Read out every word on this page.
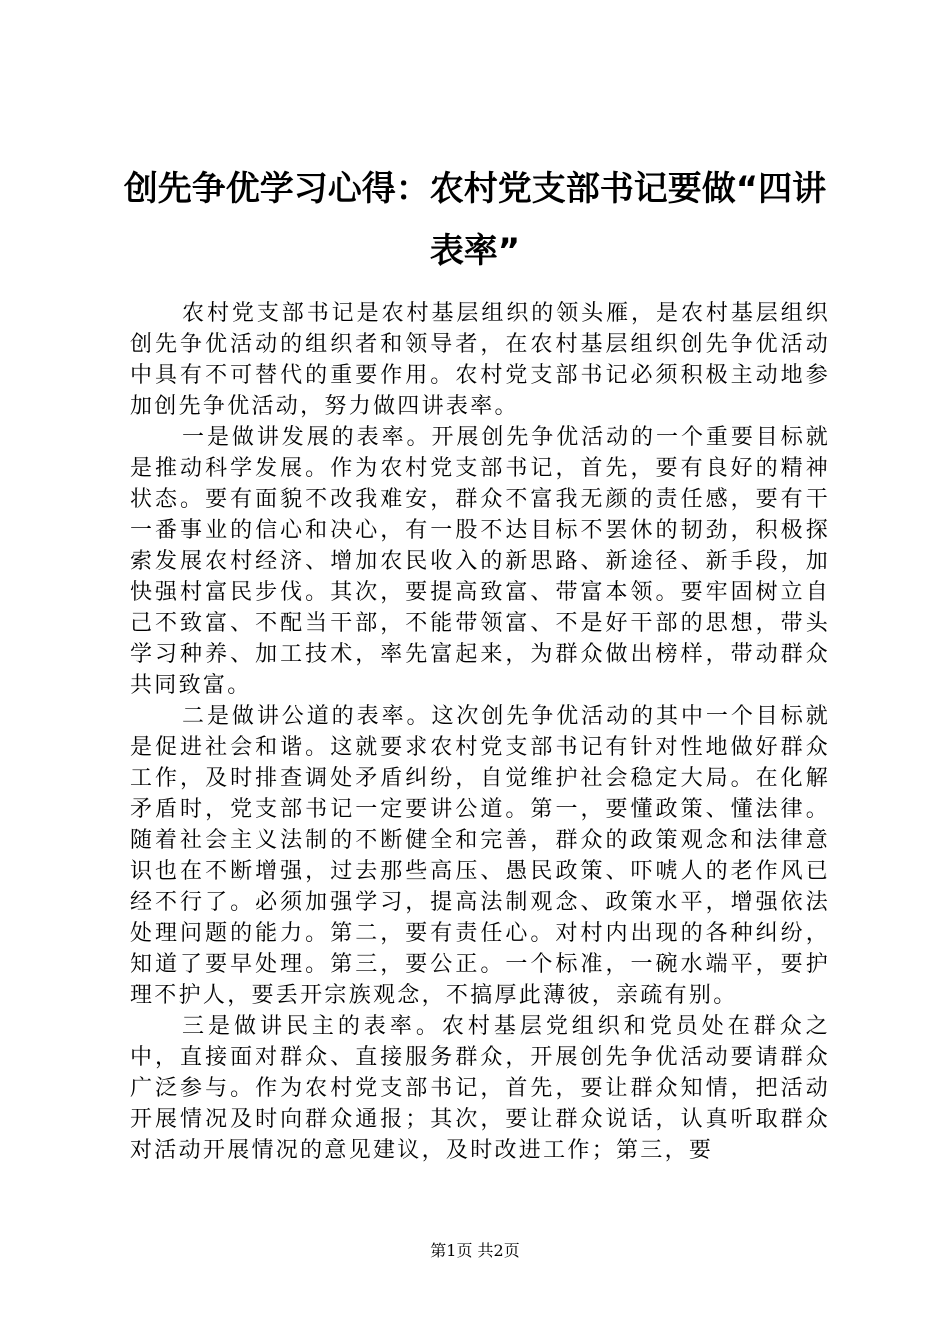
创先争优学习心得：农村党支部书记要做“四讲表率”

农村党支部书记是农村基层组织的领头雁，是农村基层组织创先争优活动的组织者和领导者，在农村基层组织创先争优活动中具有不可替代的重要作用。农村党支部书记必须积极主动地参加创先争优活动，努力做四讲表率。

一是做讲发展的表率。开展创先争优活动的一个重要目标就是推动科学发展。作为农村党支部书记，首先，要有良好的精神状态。要有面貌不改我难安，群众不富我无颜的责任感，要有干一番事业的信心和决心，有一股不达目标不罢休的韧劲，积极探索发展农村经济、增加农民收入的新思路、新途径、新手段，加快强村富民步伐。其次，要提高致富、带富本领。要牢固树立自己不致富、不配当干部，不能带领富、不是好干部的思想，带头学习种养、加工技术，率先富起来，为群众做出榜样，带动群众共同致富。

二是做讲公道的表率。这次创先争优活动的其中一个目标就是促进社会和谐。这就要求农村党支部书记有针对性地做好群众工作，及时排查调处矛盾纠纷，自觉维护社会稳定大局。在化解矛盾时，党支部书记一定要讲公道。第一，要懂政策、懂法律。随着社会主义法制的不断健全和完善，群众的政策观念和法律意识也在不断增强，过去那些高压、愚民政策、吓唬人的老作风已经不行了。必须加强学习，提高法制观念、政策水平，增强依法处理问题的能力。第二，要有责任心。对村内出现的各种纠纷，知道了要早处理。第三，要公正。一个标准，一碗水端平，要护理不护人，要丢开宗族观念，不搞厚此薄彼，亲疏有别。

三是做讲民主的表率。农村基层党组织和党员处在群众之中，直接面对群众、直接服务群众，开展创先争优活动要请群众广泛参与。作为农村党支部书记，首先，要让群众知情，把活动开展情况及时向群众通报；其次，要让群众说话，认真听取群众对活动开展情况的意见建议，及时改进工作；第三，要

第1页 共2页
